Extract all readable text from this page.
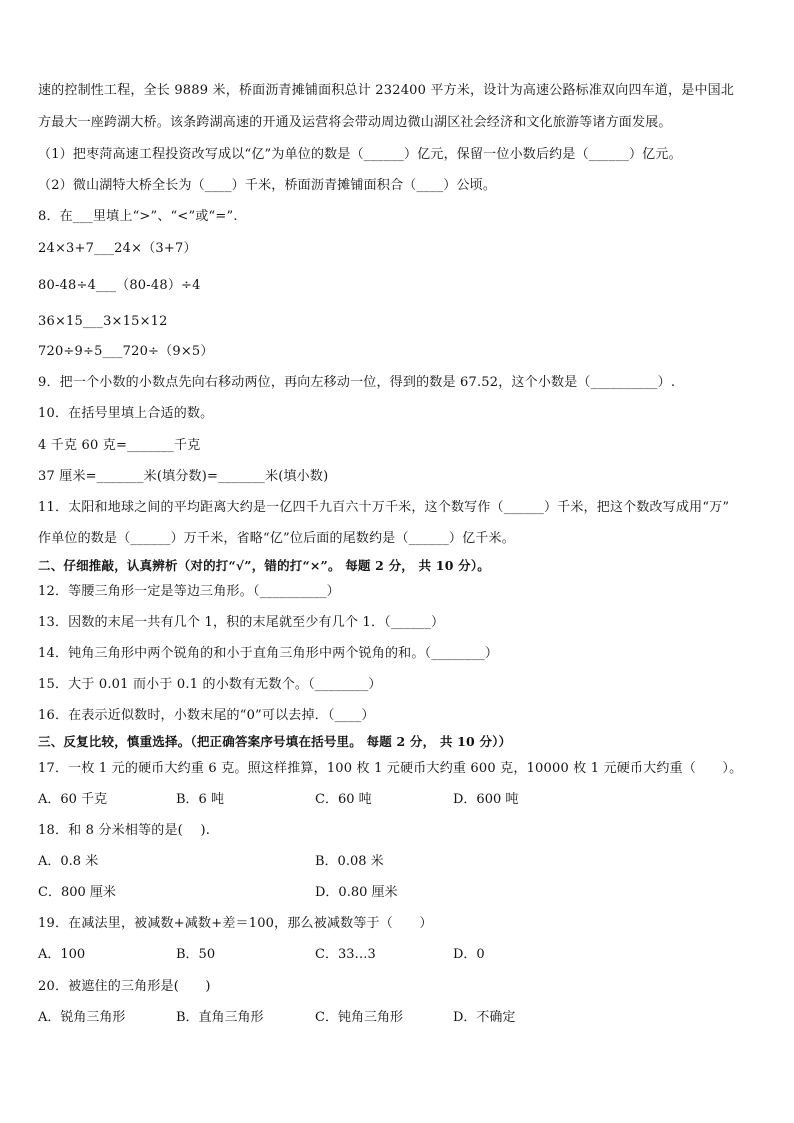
速的控制性工程，全长 9889 米，桥面沥青摊铺面积总计 232400 平方米，设计为高速公路标准双向四车道，是中国北
方最大一座跨湖大桥。该条跨湖高速的开通及运营将会带动周边微山湖区社会经济和文化旅游等诸方面发展。
（1）把枣菏高速工程投资改写成以“亿”为单位的数是（______）亿元，保留一位小数后约是（______）亿元。
（2）微山湖特大桥全长为（____）千米，桥面沥青摊铺面积合（____）公顷。
8．在___里填上“>”、“<”或“=”.
24×3+7___24×（3+7）
80-48÷4___（80-48）÷4
36×15___3×15×12
720÷9÷5___720÷（9×5）
9．把一个小数的小数点先向右移动两位，再向左移动一位，得到的数是 67.52，这个小数是（__________）.
10．在括号里填上合适的数。
4 千克 60 克=_______千克
37 厘米=_______米(填分数)=_______米(填小数)
11．太阳和地球之间的平均距离大约是一亿四千九百六十万千米，这个数写作（______）千米，把这个数改写成用“万”
作单位的数是（______）万千米，省略“亿”位后面的尾数约是（______）亿千米。
二、仔细推敲，认真辨析（对的打“√”，错的打“×”。 每题 2 分， 共 10 分）。
12．等腰三角形一定是等边三角形。（__________）
13．因数的末尾一共有几个 1，积的末尾就至少有几个 1．（______）
14．钝角三角形中两个锐角的和小于直角三角形中两个锐角的和。（________）
15．大于 0.01 而小于 0.1 的小数有无数个。（________）
16．在表示近似数时，小数末尾的“0”可以去掉．（____）
三、反复比较，慎重选择。（把正确答案序号填在括号里。 每题 2 分， 共 10 分））
17．一枚 1 元的硬币大约重 6 克。照这样推算，100 枚 1 元硬币大约重 600 克，10000 枚 1 元硬币大约重（　　）。
A．60 千克	B．6 吨	C．60 吨	D．600 吨
18．和 8 分米相等的是(　 ).
A．0.8 米	B．0.08 米
C．800 厘米	D．0.80 厘米
19．在减法里，被减数+减数+差＝100，那么被减数等于（　　）
A．100	B．50	C．33…3	D．0
20．被遮住的三角形是(　　)
A．锐角三角形	B．直角三角形	C．钝角三角形	D．不确定
